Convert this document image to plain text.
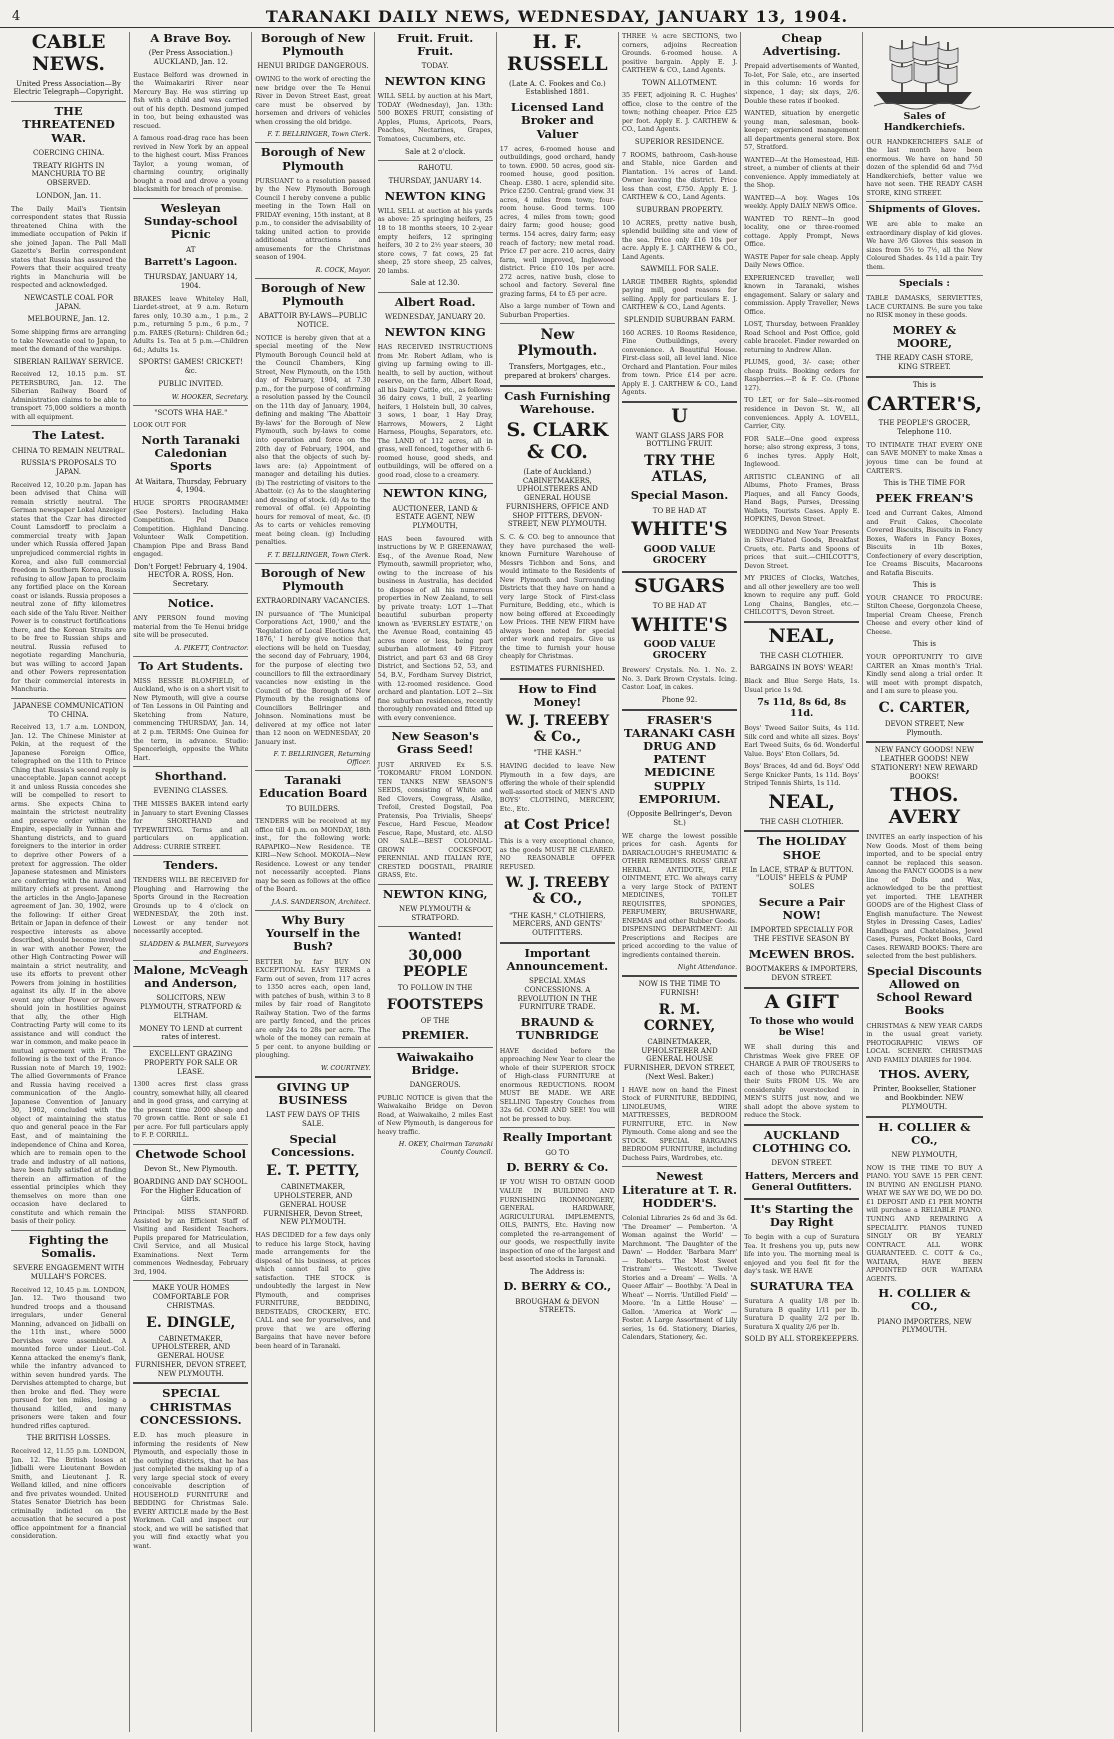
4	TARANAKI DAILY NEWS, WEDNESDAY, JANUARY 13, 1904.
CABLE NEWS.
United Press Association—By Electric Telegraph—Copyright.
THE THREATENED WAR.
COERCING CHINA.
TREATY RIGHTS IN MANCHURIA TO BE OBSERVED.
LONDON, Jan. 11.
The Daily Mail's Tientsin correspondent states that Russia threatened China with the immediate occupation of Pekin if she joined Japan. The Pall Mall Gazette's Berlin correspondent states that Russia has assured the Powers that their acquired treaty rights in Manchuria will be respected and acknowledged.
NEWCASTLE COAL FOR JAPAN.
MELBOURNE, Jan. 12.
Some shipping firms are arranging to take Newcastle coal to Japan, to meet the demand of the warships.
SIBERIAN RAILWAY SERVICE.
Received 12, 10.15 p.m. ST. PETERSBURG, Jan. 12. The Siberian Railway Board of Administration claims to be able to transport 75,000 soldiers a month with all equipment.
The Latest.
CHINA TO REMAIN NEUTRAL.
RUSSIA'S PROPOSALS TO JAPAN.
Received 12, 10.20 p.m. Japan has been advised that China will remain strictly neutral. The German newspaper Lokal Anzeiger states that the Czar has directed Count Lamsdorff to proclaim a commercial treaty with Japan under which Russia offered Japan unprejudiced commercial rights in Korea, and also full commercial freedom in Southern Korea, Russia refusing to allow Japan to proclaim any fortified place on the Korean coast or islands. Russia proposes a neutral zone of fifty kilometres each side of the Yalu River. Neither Power is to construct fortifications there, and the Korean Straits are to be free to Russian ships and neutral. Russia refused to negotiate regarding Manchuria, but was willing to accord Japan and other Powers representation for their commercial interests in Manchuria.
JAPANESE COMMUNICATION TO CHINA.
Received 13, 1.7 a.m. LONDON, Jan. 12. The Chinese Minister at Pekin, at the request of the Japanese Foreign Office, telegraphed on the 11th to Prince Ching that Russia's second reply is unacceptable. Japan cannot accept it and unless Russia concedes she will be compelled to resort to arms. She expects China to maintain the strictest neutrality and preserve order within the Empire, especially in Yunnan and Shantung districts, and to guard foreigners to the interior in order to deprive other Powers of a pretext for aggression. The older Japanese statesmen and Ministers are conferring with the naval and military chiefs at present. Among the articles in the Anglo-Japanese agreement of Jan. 30, 1902, were the following: If either Great Britain or Japan in defence of their respective interests as above described, should become involved in war with another Power, the other High Contracting Power will maintain a strict neutrality, and use its efforts to prevent other Powers from joining in hostilities against its ally. If in the above event any other Power or Powers should join in hostilities against that ally, the other High Contracting Party will come to its assistance and will conduct the war in common, and make peace in mutual agreement with it. The following is the text of the Franco-Russian note of March 19, 1902: The allied Governments of France and Russia having received a communication of the Anglo-Japanese Convention of January 30, 1902, concluded with the object of maintaining the status quo and general peace in the Far East, and of maintaining the independence of China and Korea, which are to remain open to the trade and industry of all nations, have been fully satisfied at finding therein an affirmation of the essential principles which they themselves on more than one occasion have declared to constitute and which remain the basis of their policy.
Fighting the Somalis.
SEVERE ENGAGEMENT WITH MULLAH'S FORCES.
Received 12, 10.45 p.m. LONDON, Jan. 12. Two thousand two hundred troops and a thousand irregulars, under General Manning, advanced on Jidballi on the 11th inst., where 5000 Dervishes were assembled. A mounted force under Lieut.-Col. Kenna attacked the enemy's flank, while the infantry advanced to within seven hundred yards. The Dervishes attempted to charge, but then broke and fled. They were pursued for ten miles, losing a thousand killed, and many prisoners were taken and four hundred rifles captured.
THE BRITISH LOSSES.
Received 12, 11.55 p.m. LONDON, Jan. 12. The British losses at Jidballi were Lieutenant Bowden Smith, and Lieutenant J. R. Welland killed, and nine officers and five privates wounded. United States Senator Dietrich has been criminally indicted on the accusation that he secured a post office appointment for a financial consideration.
A Brave Boy.
(Per Press Association.) AUCKLAND, Jan. 12.
Eustace Belford was drowned in the Waimakariri River near Mercury Bay. He was stirring up fish with a child and was carried out of his depth. Desmond jumped in too, but being exhausted was rescued.
A famous road-drag race has been revived in New York by an appeal to the highest court. Miss Frances Taylor, a young woman, of charming country, originally bought a road and drove a young blacksmith for breach of promise.
Wesleyan Sunday-school Picnic
AT
Barrett's Lagoon.
THURSDAY, JANUARY 14, 1904.
BRAKES leave Whiteley Hall, Liardet-street, at 9 a.m. Return fares only, 10.30 a.m., 1 p.m., 2 p.m., returning 5 p.m., 6 p.m., 7 p.m. FARES (Return): Children 6d.; Adults 1s. Tea at 5 p.m.—Children 6d.; Adults 1s.
SPORTS! GAMES! CRICKET! &c.
PUBLIC INVITED.
W. HOOKER, Secretary.
"SCOTS WHA HAE."
LOOK OUT FOR
North Taranaki Caledonian Sports
At Waitara, Thursday, February 4, 1904.
HUGE SPORTS PROGRAMME! (See Posters). Including Haka Competition. Pol Dance Competition. Highland Dancing. Volunteer Walk Competition. Champion Pipe and Brass Band engaged.
Don't Forget! February 4, 1904. HECTOR A. ROSS, Hon. Secretary.
Notice.
ANY PERSON found moving material from the Te Henui bridge site will be prosecuted.
A. PIKETT, Contractor.
To Art Students.
MISS BESSIE BLOMFIELD, of Auckland, who is on a short visit to New Plymouth, will give a course of Ten Lessons in Oil Painting and Sketching from Nature, commencing THURSDAY, Jan. 14, at 2 p.m. TERMS: One Guinea for the term, in advance. Studio: Spencerleigh, opposite the White Hart.
Shorthand.
EVENING CLASSES.
THE MISSES BAKER intend early in January to start Evening Classes for SHORTHAND and TYPEWRITING. Terms and all particulars on application. Address: CURRIE STREET.
Tenders.
TENDERS WILL BE RECEIVED for Ploughing and Harrowing the Sports Ground in the Recreation Grounds up to 4 o'clock on WEDNESDAY, the 20th inst. Lowest or any tender not necessarily accepted.
SLADDEN & PALMER, Surveyors and Engineers.
Malone, McVeagh and Anderson,
SOLICITORS, NEW PLYMOUTH, STRATFORD & ELTHAM.
MONEY TO LEND at current rates of interest.
EXCELLENT GRAZING PROPERTY FOR SALE OR LEASE.
1300 acres first class grass country, somewhat hilly, all cleared and in good grass, and carrying at the present time 2000 sheep and 70 grown cattle. Rent or sale £1 per acre. For full particulars apply to F. P. CORRILL.
Chetwode School
Devon St., New Plymouth.
BOARDING AND DAY SCHOOL. For the Higher Education of Girls.
Principal: MISS STANFORD. Assisted by an Efficient Staff of Visiting and Resident Teachers. Pupils prepared for Matriculation, Civil Service, and all Musical Examinations. Next Term commences Wednesday, February 3rd, 1904.
MAKE YOUR HOMES COMFORTABLE FOR CHRISTMAS.
E. DINGLE,
CABINETMAKER, UPHOLSTERER, AND GENERAL HOUSE FURNISHER, DEVON STREET, NEW PLYMOUTH.
SPECIAL CHRISTMAS CONCESSIONS.
E.D. has much pleasure in informing the residents of New Plymouth, and especially those in the outlying districts, that he has just completed the making up of a very large special stock of every conceivable description of HOUSEHOLD FURNITURE and BEDDING for Christmas Sale. EVERY ARTICLE made by the Best Workmen. Call and inspect our stock, and we will be satisfied that you will find exactly what you want.
Borough of New Plymouth
HENUI BRIDGE DANGEROUS.
OWING to the work of erecting the new bridge over the Te Henui River in Devon Street East, great care must be observed by horsemen and drivers of vehicles when crossing the old bridge.
F. T. BELLRINGER, Town Clerk.
Borough of New Plymouth
PURSUANT to a resolution passed by the New Plymouth Borough Council I hereby convene a public meeting in the Town Hall on FRIDAY evening, 15th instant, at 8 p.m., to consider the advisability of taking united action to provide additional attractions and amusements for the Christmas season of 1904.
R. COCK, Mayor.
Borough of New Plymouth
ABATTOIR BY-LAWS—PUBLIC NOTICE.
NOTICE is hereby given that at a special meeting of the New Plymouth Borough Council held at the Council Chambers, King Street, New Plymouth, on the 15th day of February, 1904, at 7.30 p.m., for the purpose of confirming a resolution passed by the Council on the 11th day of January, 1904, defining and making 'The Abattoir By-laws' for the Borough of New Plymouth, such by-laws to come into operation and force on the 20th day of February, 1904, and also that the objects of such by-laws are: (a) Appointment of manager and detailing his duties. (b) The restricting of visitors to the Abattoir. (c) As to the slaughtering and dressing of stock. (d) As to the removal of offal. (e) Appointing hours for removal of meat, &c. (f) As to carts or vehicles removing meat being clean. (g) Including penalties.
F. T. BELLRINGER, Town Clerk.
Borough of New Plymouth
EXTRAORDINARY VACANCIES.
IN pursuance of 'The Municipal Corporations Act, 1900,' and the 'Regulation of Local Elections Act, 1876,' I hereby give notice that elections will be held on Tuesday, the second day of February, 1904, for the purpose of electing two councillors to fill the extraordinary vacancies now existing in the Council of the Borough of New Plymouth by the resignations of Councillors Bellringer and Johnson. Nominations must be delivered at my office not later than 12 noon on WEDNESDAY, 20 January inst.
F. T. BELLRINGER, Returning Officer.
Taranaki Education Board
TO BUILDERS.
TENDERS will be received at my office till 4 p.m. on MONDAY, 18th inst., for the following work: RAPAPIKO—New Residence. TE KIRI—New School. MOKOIA—New Residence. Lowest or any tender not necessarily accepted. Plans may be seen as follows at the office of the Board.
J.A.S. SANDERSON, Architect.
Why Bury Yourself in the Bush?
BETTER by far BUY ON EXCEPTIONAL EASY TERMS a Farm out of seven, from 117 acres to 1350 acres each, open land, with patches of bush, within 3 to 8 miles by fair road of Rangitoto Railway Station. Two of the farms are partly fenced, and the prices are only 24s to 28s per acre. The whole of the money can remain at 5 per cent. to anyone building or ploughing.
W. COURTNEY.
GIVING UP BUSINESS
LAST FEW DAYS OF THIS SALE.
Special Concessions.
E. T. PETTY,
CABINETMAKER, UPHOLSTERER, AND GENERAL HOUSE FURNISHER, Devon Street, NEW PLYMOUTH.
HAS DECIDED for a few days only to reduce his large Stock, having made arrangements for the disposal of his business, at prices which cannot fail to give satisfaction. THE STOCK is undoubtedly the largest in New Plymouth, and comprises FURNITURE, BEDDING, BEDSTEADS, CROCKERY, ETC. CALL and see for yourselves, and prove that we are offering Bargains that have never before been heard of in Taranaki.
Fruit. Fruit. Fruit.
TODAY.
NEWTON KING
WILL SELL by auction at his Mart, TODAY (Wednesday), Jan. 13th: 500 BOXES FRUIT, consisting of Apples, Plums, Apricots, Pears, Peaches, Nectarines, Grapes, Tomatoes, Cucumbers, etc.
Sale at 2 o'clock.
RAHOTU.
THURSDAY, JANUARY 14.
NEWTON KING
WILL SELL at auction at his yards as above: 25 springing heifers, 25 18 to 18 months steers, 10 2-year empty heifers, 12 springing heifers, 30 2 to 2½ year steers, 30 store cows, 7 fat cows, 25 fat sheep, 25 store sheep, 25 calves, 20 lambs.
Sale at 12.30.
Albert Road.
WEDNESDAY, JANUARY 20.
NEWTON KING
HAS RECEIVED INSTRUCTIONS from Mr. Robert Adlam, who is giving up farming owing to ill-health, to sell by auction, without reserve, on the farm, Albert Road, all his Dairy Cattle, etc., as follows: 36 dairy cows, 1 bull, 2 yearling heifers, 1 Holstein bull, 30 calves, 3 sows, 1 boar, 1 Hay Dray, Harrows, Mowers, 2 Light Harness, Ploughs, Separators, etc. The LAND of 112 acres, all in grass, well fenced, together with 6-roomed house, good sheds, and outbuildings, will be offered on a good road, close to a creamery.
NEWTON KING,
AUCTIONEER, LAND & ESTATE AGENT, NEW PLYMOUTH,
HAS been favoured with instructions by W. P. GREENAWAY, Esq., of the Avenue Road, New Plymouth, sawmill proprietor, who, owing to the increase of his business in Australia, has decided to dispose of all his numerous properties in New Zealand, to sell by private treaty: LOT 1—That beautiful suburban property known as 'EVERSLEY ESTATE,' on the Avenue Road, containing 45 acres more or less, being part suburban allotment 49 Fitzroy District, and part 63 and 68 Grey District, and Sections 52, 53, and 54, B.V., Fordham Survey District, with 12-roomed residence. Good orchard and plantation. LOT 2—Six fine suburban residences, recently thoroughly renovated and fitted up with every convenience.
New Season's Grass Seed!
JUST ARRIVED Ex S.S. 'TOKOMARU' FROM LONDON. TEN TANKS NEW SEASON'S SEEDS, consisting of White and Red Clovers, Cowgrass, Alsike, Trefoil, Crested Dogstail, Poa Pratensis, Poa Trivialis, Sheeps' Fescue, Hard Fescue, Meadow Fescue, Rape, Mustard, etc. ALSO ON SALE—BEST COLONIAL-GROWN COCKSFOOT, PERENNIAL AND ITALIAN RYE, CRESTED DOGSTAIL, PRAIRIE GRASS, Etc.
NEWTON KING,
NEW PLYMOUTH & STRATFORD.
Wanted!
30,000 PEOPLE
TO FOLLOW IN THE
FOOTSTEPS
OF THE
PREMIER.
Waiwakaiho Bridge.
DANGEROUS.
PUBLIC NOTICE is given that the Waiwakaiho Bridge on Devon Road, at Waiwakaiho, 2 miles East of New Plymouth, is dangerous for heavy traffic.
H. OKEY, Chairman Taranaki County Council.
H. F. RUSSELL
(Late A. C. Fookes and Co.) Established 1881.
Licensed Land Broker and Valuer
17 acres, 6-roomed house and outbuildings, good orchard, handy to town. £900. 50 acres, good six-roomed house, good position. Cheap. £380. 1 acre, splendid site. Price £250. Central; grand view. 31 acres, 4 miles from town; four-room house. Good terms. 100 acres, 4 miles from town; good dairy farm; good house; good terms. 154 acres, dairy farm; easy reach of factory; new metal road. Price £7 per acre. 210 acres, dairy farm, well improved, Inglewood district. Price £10 10s per acre. 272 acres, native bush, close to school and factory. Several fine grazing farms, £4 to £5 per acre.
Also a large number of Town and Suburban Properties.
New Plymouth.
Transfers, Mortgages, etc., prepared at brokers' charges.
Cash Furnishing Warehouse.
S. CLARK & CO.
(Late of Auckland.) CABINETMAKERS, UPHOLSTERERS AND GENERAL HOUSE FURNISHERS, OFFICE AND SHOP FITTERS, DEVON-STREET, NEW PLYMOUTH.
S. C. & CO. beg to announce that they have purchased the well-known Furniture Warehouse of Messrs Tichbon and Sons, and would intimate to the Residents of New Plymouth and Surrounding Districts that they have on hand a very large Stock of First-class Furniture, Bedding, etc., which is now being offered at Exceedingly Low Prices. THE NEW FIRM have always been noted for special order work and repairs. Give us the time to furnish your house cheaply for Christmas.
ESTIMATES FURNISHED.
How to Find Money!
W. J. TREEBY & Co.,
"THE KASH."
HAVING decided to leave New Plymouth in a few days, are offering the whole of their splendid well-assorted stock of MEN'S AND BOYS' CLOTHING, MERCERY, Etc., Etc.
at Cost Price!
This is a very exceptional chance, as the goods MUST BE CLEARED. NO REASONABLE OFFER REFUSED.
W. J. TREEBY & CO.,
"THE KASH," CLOTHIERS, MERCERS, AND GENTS' OUTFITTERS.
Important Announcement.
SPECIAL XMAS CONCESSIONS. A REVOLUTION IN THE FURNITURE TRADE.
BRAUND & TUNBRIDGE
HAVE decided before the approaching New Year to clear the whole of their SUPERIOR STOCK of High-class FURNITURE at enormous REDUCTIONS. ROOM MUST BE MADE. WE ARE SELLING Tapestry Couches from 32s 6d. COME AND SEE! You will not be pressed to buy.
Really Important
GO TO
D. BERRY & Co.
IF YOU WISH TO OBTAIN GOOD VALUE IN BUILDING AND FURNISHING IRONMONGERY, GENERAL HARDWARE, AGRICULTURAL IMPLEMENTS, OILS, PAINTS, Etc. Having now completed the re-arrangement of our goods, we respectfully invite inspection of one of the largest and best assorted stocks in Taranaki.
The Address is:
D. BERRY & CO.,
BROUGHAM & DEVON STREETS.
THREE ¼ acre SECTIONS, two corners, adjoins Recreation Grounds. 6-roomed house. A positive bargain. Apply E. J. CARTHEW & CO., Land Agents.
TOWN ALLOTMENT.
35 FEET, adjoining R. C. Hughes' office, close to the centre of the town; nothing cheaper. Price £25 per foot. Apply E. J. CARTHEW & CO., Land Agents.
SUPERIOR RESIDENCE.
7 ROOMS, bathroom, Cash-house and Stable, nice Garden and Plantation. 1¼ acres of Land. Owner leaving the district. Price less than cost, £750. Apply E. J. CARTHEW & CO., Land Agents.
SUBURBAN PROPERTY.
10 ACRES, pretty native bush, splendid building site and view of the sea. Price only £16 10s per acre. Apply E. J. CARTHEW & CO., Land Agents.
SAWMILL FOR SALE.
LARGE TIMBER Rights, splendid paying mill, good reasons for selling. Apply for particulars E. J. CARTHEW & CO., Land Agents.
SPLENDID SUBURBAN FARM.
160 ACRES. 10 Rooms Residence, Fine Outbuildings, every convenience. A Beautiful House. First-class soil, all level land. Nice Orchard and Plantation. Four miles from town. Price £14 per acre. Apply E. J. CARTHEW & CO., Land Agents.
U
WANT GLASS JARS FOR BOTTLING FRUIT.
TRY THE ATLAS,
Special Mason.
TO BE HAD AT
WHITE'S
GOOD VALUE GROCERY
SUGARS
TO BE HAD AT
WHITE'S
GOOD VALUE GROCERY
Brewers' Crystals. No. 1. No. 2. No. 3. Dark Brown Crystals. Icing. Castor. Loaf, in cakes.
Phone 92.
FRASER'S TARANAKI CASH DRUG AND PATENT MEDICINE SUPPLY EMPORIUM.
(Opposite Bellringer's, Devon St.)
WE charge the lowest possible prices for cash. Agents for DARRACLOUGH'S RHEUMATIC & OTHER REMEDIES. ROSS' GREAT HERBAL ANTIDOTE, PILE OINTMENT, ETC. We always carry a very large Stock of PATENT MEDICINES, TOILET REQUISITES, SPONGES, PERFUMERY, BRUSHWARE, ENEMAS and other Rubber Goods. DISPENSING DEPARTMENT: All Prescriptions and Recipes are priced according to the value of ingredients contained therein.
Night Attendance.
NOW IS THE TIME TO FURNISH!
R. M. CORNEY,
CABINETMAKER, UPHOLSTERER AND GENERAL HOUSE FURNISHER, DEVON STREET, (Next Wesl. Baker.)
I HAVE now on hand the Finest Stock of FURNITURE, BEDDING, LINOLEUMS, WIRE MATTRESSES, BEDROOM FURNITURE, ETC. in New Plymouth. Come along and see the STOCK. SPECIAL BARGAINS BEDROOM FURNITURE, including Duchess Pairs, Wardrobes, etc.
Newest Literature at T. R. HODDER'S.
Colonial Libraries 2s 6d and 3s 6d. 'The Dreamer' — Pemberton. 'A Woman against the World' — Marchmont. 'The Daughter of the Dawn' — Hodder. 'Barbara Marr' — Roberts. 'The Most Sweet Tristram' — Westcott. 'Twelve Stories and a Dream' — Wells. 'A Queer Affair' — Boothby. 'A Deal in Wheat' — Norris. 'Untilled Field' — Moore. 'In a Little House' — Gallon. 'America at Work' — Foster. A Large Assortment of Lily series, 1s 6d. Stationery, Diaries, Calendars, Stationery, &c.
Cheap Advertising.
Prepaid advertisements of Wanted, To-let, For Sale, etc., are inserted in this column: 16 words for sixpence, 1 day; six days, 2/6. Double these rates if booked.
WANTED, situation by energetic young man, salesman, book-keeper; experienced management all departments general store. Box 57, Stratford.
WANTED—At the Homestead, Hill-street, a number of clients at their convenience. Apply immediately at the Shop.
WANTED—A boy. Wages 10s weekly. Apply DAILY NEWS Office.
WANTED TO RENT—In good locality, one or three-roomed cottage. Apply Prompt, News Office.
WASTE Paper for sale cheap. Apply Daily News Office.
EXPERIENCED traveller, well known in Taranaki, wishes engagement. Salary or salary and commission. Apply Traveller, News Office.
LOST, Thursday, between Frankley Road School and Post Office, gold cable bracelet. Finder rewarded on returning to Andrew Allan.
PLUMS, good, 3/- case; other cheap fruits. Booking orders for Raspberries.—P. & F. Co. (Phone 127).
TO LET, or for Sale—six-roomed residence in Devon St. W., all conveniences. Apply A. LOVELL, Carrier, City.
FOR SALE—One good express horse; also strong express, 3 tons, 6 inches tyres. Apply Holt, Inglewood.
ARTISTIC CLEANING of all Albums, Photo Frames, Brass Plaques, and all Fancy Goods, Hand Bags, Purses, Dressing Wallets, Tourists Cases. Apply E. HOPKINS, Devon Street.
WEDDING and New Year Presents in Silver-Plated Goods, Breakfast Cruets, etc. Parts and Spoons of prices that suit.—CHILCOTT'S, Devon Street.
MY PRICES of Clocks, Watches, and all other jewellery are too well known to require any puff. Gold Long Chains, Bangles, etc.—CHILCOTT'S, Devon Street.
NEAL,
THE CASH CLOTHIER.
BARGAINS IN BOYS' WEAR!
Black and Blue Serge Hats, 1s. Usual price 1s 9d.
7s 11d, 8s 6d, 8s 11d.
Boys' Tweed Sailor Suits, 4s 11d. Silk cord and white all sizes. Boys' Earl Tweed Suits, 6s 6d. Wonderful Value. Boys' Eton Collars, 5d.
Boys' Braces, 4d and 6d. Boys' Odd Serge Knicker Pants, 1s 11d. Boys' Striped Tennis Shirts, 1s 11d.
NEAL,
THE CASH CLOTHIER.
The HOLIDAY SHOE
In LACE, STRAP & BUTTON. "LOUIS" HEELS & PUMP SOLES
Secure a Pair NOW!
IMPORTED SPECIALLY FOR THE FESTIVE SEASON BY
McEWEN BROS.
BOOTMAKERS & IMPORTERS, DEVON STREET.
A GIFT
To those who would be Wise!
WE shall during this and Christmas Week give FREE OF CHARGE A PAIR OF TROUSERS to each of those who PURCHASE their Suits FROM US. We are considerably overstocked in MEN'S SUITS just now, and we shall adopt the above system to reduce the Stock.
AUCKLAND CLOTHING CO.
DEVON STREET.
Hatters, Mercers and General Outfitters.
It's Starting the Day Right
To begin with a cup of Suratura Tea. It freshens you up, puts new life into you. The morning meal is enjoyed and you feel fit for the day's task. WE HAVE
SURATURA TEA
Suratura A quality 1/8 per lb. Suratura B quality 1/11 per lb. Suratura D quality 2/2 per lb. Suratura X quality 2/6 per lb.
SOLD BY ALL STOREKEEPERS.
Sales of Handkerchiefs.
OUR HANDKERCHIEFS SALE of the last month have been enormous. We have on hand 50 dozen of the splendid 6d and 7½d Handkerchiefs, better value we have not seen. THE READY CASH STORE, KING STREET.
Shipments of Gloves.
WE are able to make an extraordinary display of kid gloves. We have 3/6 Gloves this season in sizes from 5½ to 7½, all the New Coloured Shades. 4s 11d a pair. Try them.
Specials :
TABLE DAMASKS, SERVIETTES, LACE CURTAINS. Be sure you take no RISK money in these goods.
MOREY & MOORE,
THE READY CASH STORE, KING STREET.
This is
CARTER'S,
THE PEOPLE'S GROCER, Telephone 110.
TO INTIMATE THAT EVERY ONE can SAVE MONEY to make Xmas a joyous time can be found at CARTER'S.
This is THE TIME FOR
PEEK FREAN'S
Iced and Currant Cakes, Almond and Fruit Cakes, Chocolate Covered Biscuits, Biscuits in Fancy Boxes, Wafers in Fancy Boxes, Biscuits in 1lb Boxes, Confectionery of every description, Ice Creams Biscuits, Macaroons and Ratafia Biscuits.
This is
YOUR CHANCE TO PROCURE: Stilton Cheese, Gorgonzola Cheese, Imperial Cream Cheese, French Cheese and every other kind of Cheese.
This is
YOUR OPPORTUNITY TO GIVE CARTER an Xmas month's Trial. Kindly send along a trial order. It will meet with prompt dispatch, and I am sure to please you.
C. CARTER,
DEVON STREET, New Plymouth.
NEW FANCY GOODS! NEW LEATHER GOODS! NEW STATIONERY! NEW REWARD BOOKS!
THOS. AVERY
INVITES an early inspection of his New Goods. Most of them being imported, and to be special entry cannot be replaced this season. Among the FANCY GOODS is a new line of Dolls and Wax, acknowledged to be the prettiest yet imported. THE LEATHER GOODS are of the Highest Class of English manufacture. The Newest Styles in Dressing Cases, Ladies' Handbags and Chatelaines, Jewel Cases, Purses, Pocket Books, Card Cases. REWARD BOOKS: There are selected from the best publishers.
Special Discounts Allowed on School Reward Books
CHRISTMAS & NEW YEAR CARDS in the usual great variety. PHOTOGRAPHIC VIEWS OF LOCAL SCENERY. CHRISTMAS AND FAMILY DIARIES for 1904.
THOS. AVERY,
Printer, Bookseller, Stationer and Bookbinder. NEW PLYMOUTH.
H. COLLIER & CO.,
NEW PLYMOUTH,
NOW IS THE TIME TO BUY A PIANO. YOU SAVE 15 PER CENT. IN BUYING AN ENGLISH PIANO. WHAT WE SAY WE DO, WE DO DO. £1 DEPOSIT AND £1 PER MONTH will purchase a RELIABLE PIANO. TUNING AND REPAIRING A SPECIALITY. PIANOS TUNED SINGLY OR BY YEARLY CONTRACT. ALL WORK GUARANTEED. C. COTT & Co., WAITARA, HAVE BEEN APPOINTED OUR WAITARA AGENTS.
H. COLLIER & CO.,
PIANO IMPORTERS, NEW PLYMOUTH.
